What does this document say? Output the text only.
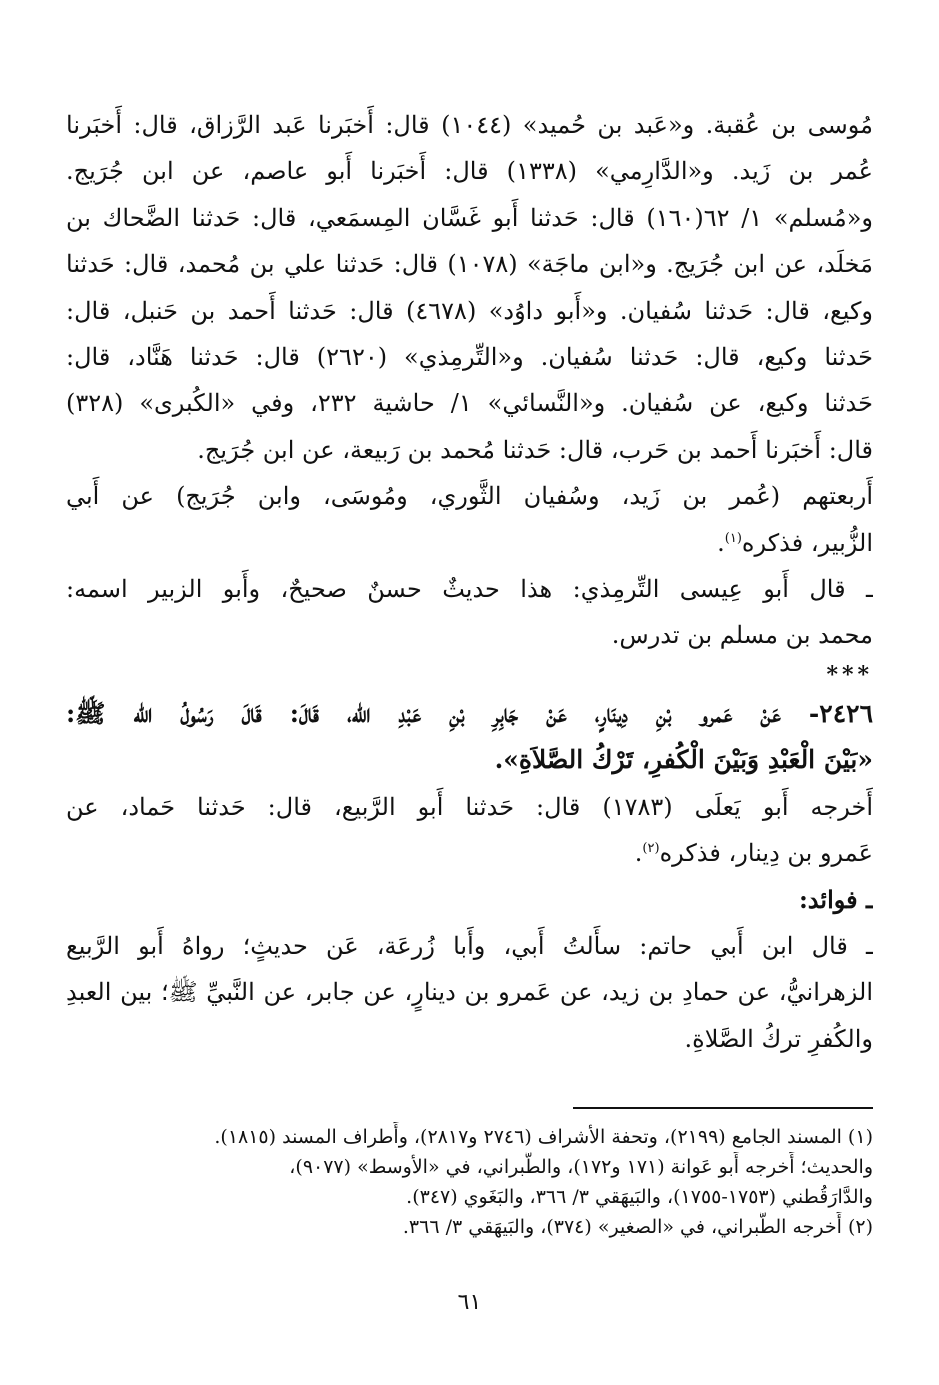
مُوسى بن عُقبة. و«عَبد بن حُميد» (١٠٤٤) قال: أَخبَرنا عَبد الرَّزاق، قال: أَخبَرنا
عُمر بن زَيد. و«الدَّارِمي» (١٣٣٨) قال: أَخبَرنا أَبو عاصم، عن ابن جُرَيج.
و«مُسلم» ١/ ٦٢(١٦٠) قال: حَدثنا أَبو غَسَّان المِسمَعي، قال: حَدثنا الضَّحاك بن
مَخلَد، عن ابن جُرَيج. و«ابن ماجَة» (١٠٧٨) قال: حَدثنا علي بن مُحمد، قال: حَدثنا
وكيع، قال: حَدثنا سُفيان. و«أَبو داوُد» (٤٦٧٨) قال: حَدثنا أَحمد بن حَنبل، قال:
حَدثنا وكيع، قال: حَدثنا سُفيان. و«التِّرمِذي» (٢٦٢٠) قال: حَدثنا هَنَّاد، قال:
حَدثنا وكيع، عن سُفيان. و«النَّسائي» ١/ حاشية ٢٣٢، وفي «الكُبرى» (٣٢٨)
قال: أَخبَرنا أَحمد بن حَرب، قال: حَدثنا مُحمد بن رَبيعة، عن ابن جُرَيج.
أَربعتهم (عُمر بن زَيد، وسُفيان الثَّوري، ومُوسَى، وابن جُرَيج) عن أَبي
الزُّبير، فذكره$^{(١)}$.
ـ قال أَبو عِيسى التِّرمِذي: هذا حديثٌ حسنٌ صحيحٌ، وأَبو الزبير اسمه:
محمد بن مسلم بن تدرس.
***
٢٤٢٦- عَنْ عَمرو بْنِ دِينَارٍ، عَنْ جَابِرِ بْنِ عَبْدِ الله، قَالَ: قَالَ رَسُولُ الله ﷺ:
«بَيْنَ الْعَبْدِ وَبَيْنَ الْكُفرِ، تَرْكُ الصَّلاَةِ».
أَخرجه أَبو يَعلَى (١٧٨٣) قال: حَدثنا أَبو الرَّبيع، قال: حَدثنا حَماد، عن
عَمرو بن دِينار، فذكره$^{(٢)}$.
ـ فوائد:
ـ قال ابن أَبي حاتم: سأَلتُ أَبي، وأَبا زُرعَة، عَن حديثٍ؛ رواهُ أَبو الرَّبيع
الزهرانيُّ، عن حمادِ بن زيد، عن عَمرو بن دينارٍ، عن جابر، عن النَّبيِّ ﷺ؛ بين العبدِ
والكُفرِ تركُ الصَّلاةِ.
(١) المسند الجامع (٢١٩٩)، وتحفة الأشراف (٢٧٤٦ و٢٨١٧)، وأَطراف المسند (١٨١٥).
والحديث؛ أَخرجه أَبو عَوانة (١٧١ و١٧٢)، والطَّبراني، في «الأوسط» (٩٠٧٧)،
والدَّارَقُطني (١٧٥٣-١٧٥٥)، والبَيهَقي ٣/ ٣٦٦، والبَغَوي (٣٤٧).
(٢) أَخرجه الطَّبراني، في «الصغير» (٣٧٤)، والبَيهَقي ٣/ ٣٦٦.
٦١
